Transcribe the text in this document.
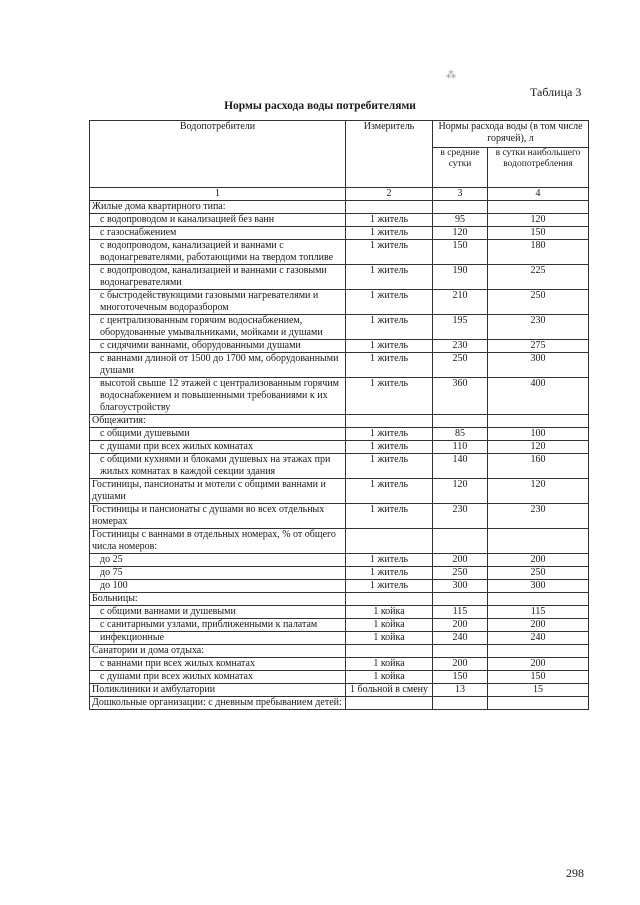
⁂
Таблица 3
Нормы расхода воды потребителями
Водопотребители	Измеритель	Нормы расхода воды (в том числе горячей), л	
		в средние сутки	в сутки наибольшего водопотребления
1	2	3	4
Жилые дома квартирного типа:			
с водопроводом и канализацией без ванн	1 житель	95	120
с газоснабжением	1 житель	120	150
с водопроводом, канализацией и ваннами с водонагревателями, работающими на твердом топливе	1 житель	150	180
с водопроводом, канализацией и ваннами с газовыми водонагревателями	1 житель	190	225
с быстродействующими газовыми нагревателями и многоточечным водоразбором	1 житель	210	250
с централизованным горячим водоснабжением, оборудованные умывальниками, мойками и душами	1 житель	195	230
с сидячими ваннами, оборудованными душами	1 житель	230	275
с ваннами длиной от 1500 до 1700 мм, оборудованными душами	1 житель	250	300
высотой свыше 12 этажей с централизованным горячим водоснабжением и повышенными требованиями к их благоустройству	1 житель	360	400
Общежития:			
с общими душевыми	1 житель	85	100
с душами при всех жилых комнатах	1 житель	110	120
с общими кухнями и блоками душевых на этажах при жилых комнатах в каждой секции здания	1 житель	140	160
Гостиницы, пансионаты и мотели с общими ваннами и душами	1 житель	120	120
Гостиницы и пансионаты с душами во всех отдельных номерах	1 житель	230	230
Гостиницы с ваннами в отдельных номерах, % от общего числа номеров:			
до 25	1 житель	200	200
до 75	1 житель	250	250
до 100	1 житель	300	300
Больницы:			
с общими ваннами и душевыми	1 койка	115	115
с санитарными узлами, приближенными к палатам	1 койка	200	200
инфекционные	1 койка	240	240
Санатории и дома отдыха:			
с ваннами при всех жилых комнатах	1 койка	200	200
с душами при всех жилых комнатах	1 койка	150	150
Поликлиники и амбулатории	1 больной в смену	13	15
Дошкольные организации: с дневным пребыванием детей:			
298
